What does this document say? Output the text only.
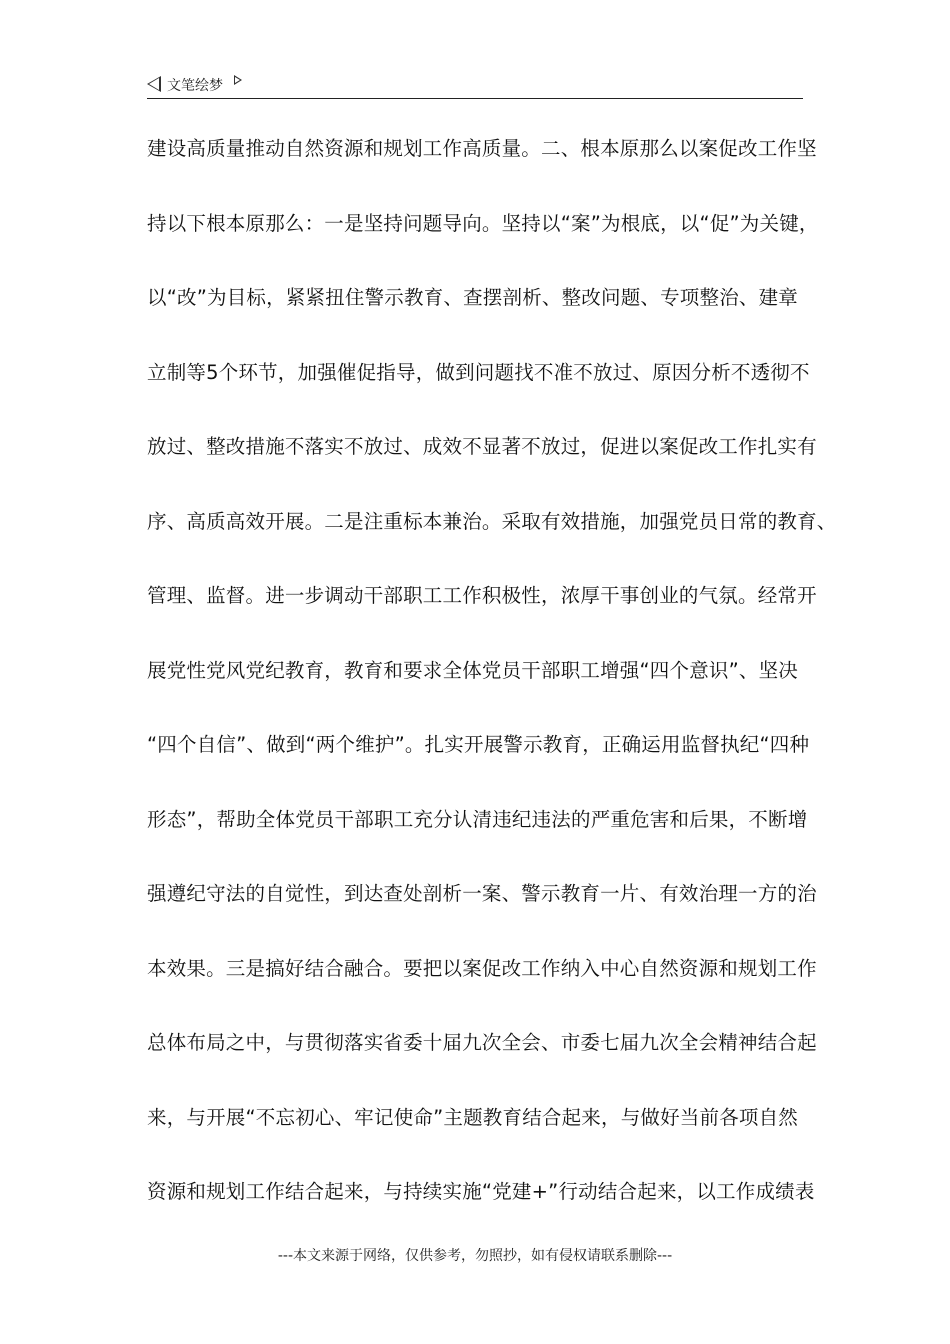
文笔绘梦
建设高质量推动自然资源和规划工作高质量。二、根本原那么以案促改工作坚
持以下根本原那么：一是坚持问题导向。坚持以“案”为根底，以“促”为关键，
以“改”为目标，紧紧扭住警示教育、查摆剖析、整改问题、专项整治、建章
立制等5个环节，加强催促指导，做到问题找不准不放过、原因分析不透彻不
放过、整改措施不落实不放过、成效不显著不放过，促进以案促改工作扎实有
序、高质高效开展。二是注重标本兼治。采取有效措施，加强党员日常的教育、
管理、监督。进一步调动干部职工工作积极性，浓厚干事创业的气氛。经常开
展党性党风党纪教育，教育和要求全体党员干部职工增强“四个意识”、坚决
“四个自信”、做到“两个维护”。扎实开展警示教育，正确运用监督执纪“四种
形态”，帮助全体党员干部职工充分认清违纪违法的严重危害和后果，不断增
强遵纪守法的自觉性，到达查处剖析一案、警示教育一片、有效治理一方的治
本效果。三是搞好结合融合。要把以案促改工作纳入中心自然资源和规划工作
总体布局之中，与贯彻落实省委十届九次全会、市委七届九次全会精神结合起
来，与开展“不忘初心、牢记使命”主题教育结合起来，与做好当前各项自然
资源和规划工作结合起来，与持续实施“党建+”行动结合起来，以工作成绩表
---本文来源于网络，仅供参考，勿照抄，如有侵权请联系删除---
